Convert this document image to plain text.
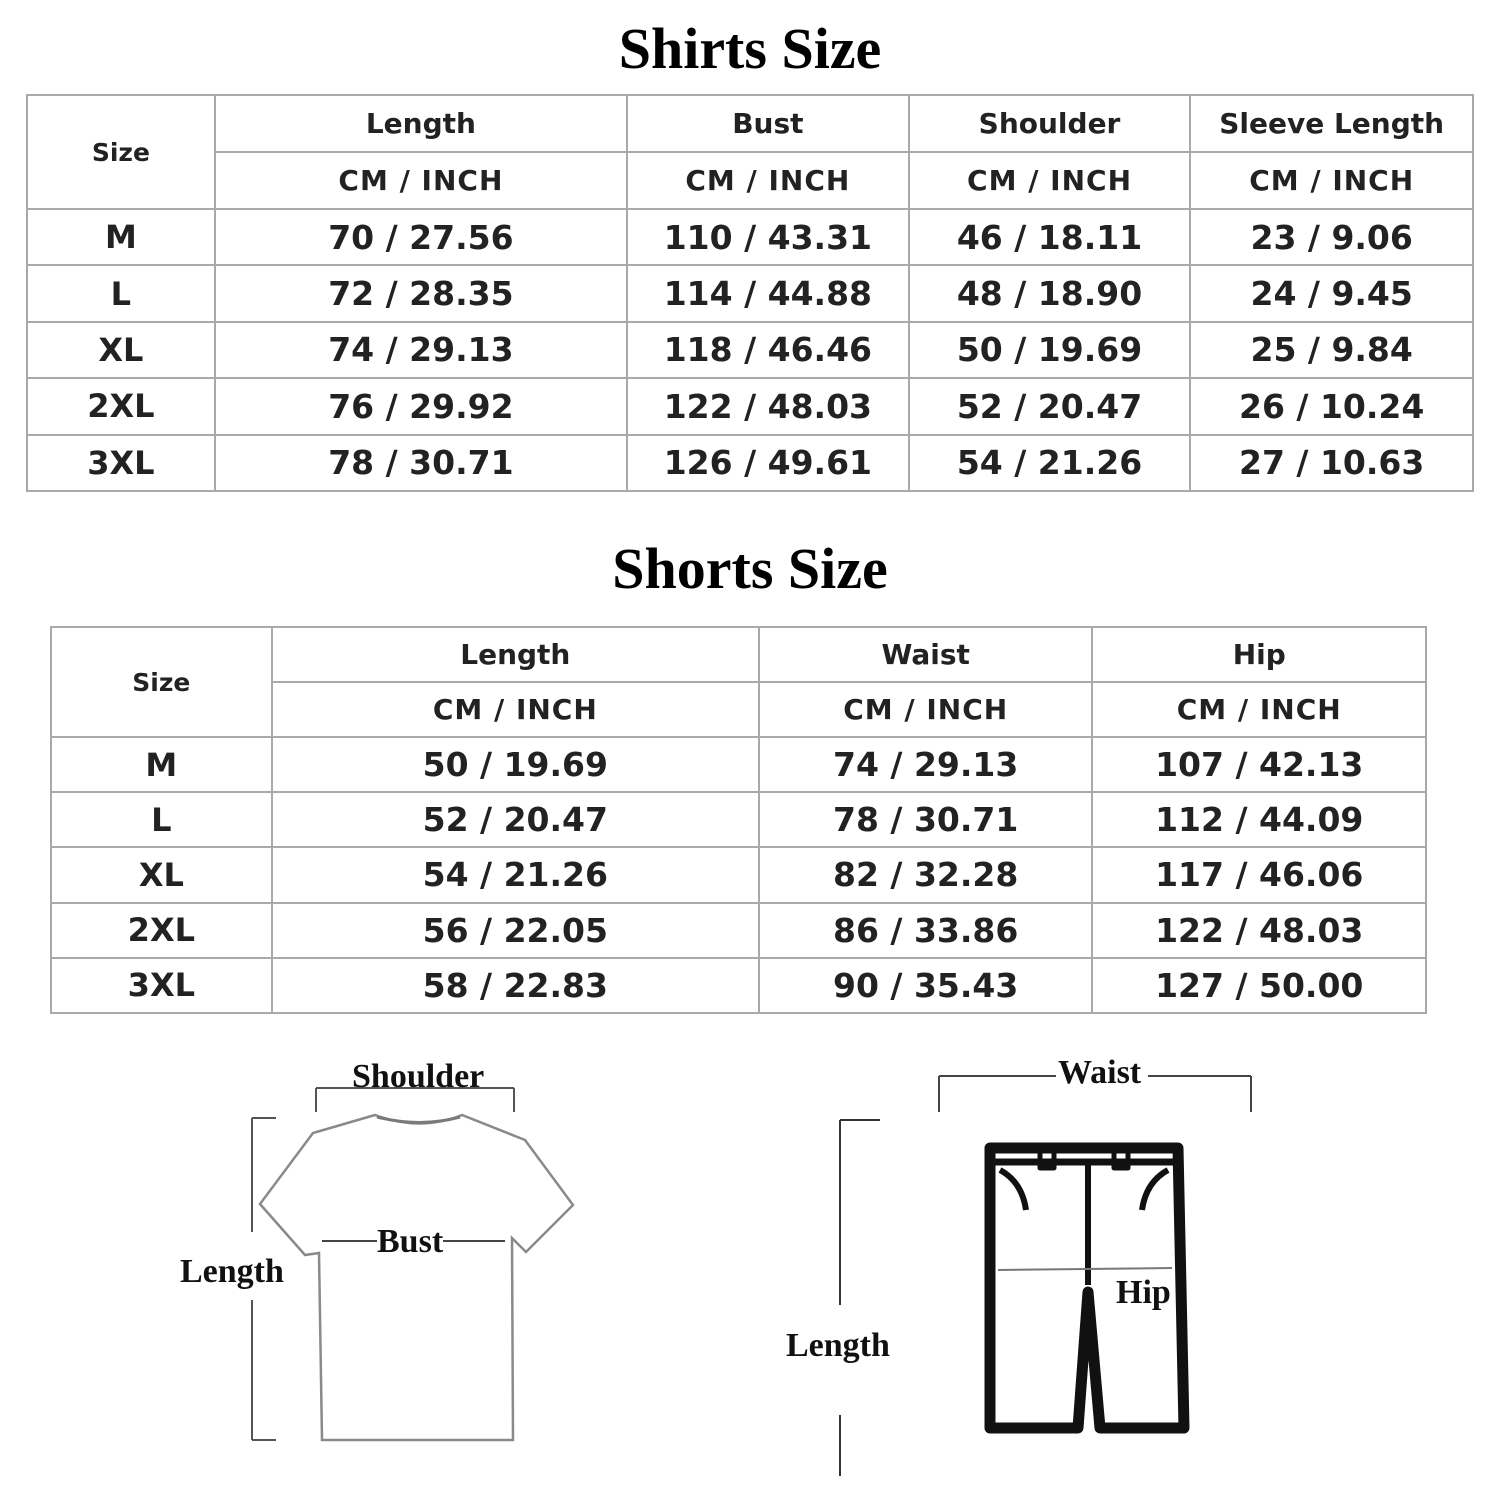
Shirts Size
Size	Length	Bust	Shoulder	Sleeve Length
	CM / INCH	CM / INCH	CM / INCH	CM / INCH
M	70 / 27.56	110 / 43.31	46 / 18.11	23 / 9.06
L	72 / 28.35	114 / 44.88	48 / 18.90	24 / 9.45
XL	74 / 29.13	118 / 46.46	50 / 19.69	25 / 9.84
2XL	76 / 29.92	122 / 48.03	52 / 20.47	26 / 10.24
3XL	78 / 30.71	126 / 49.61	54 / 21.26	27 / 10.63
Shorts Size
Size	Length	Waist	Hip
	CM / INCH	CM / INCH	CM / INCH
M	50 / 19.69	74 / 29.13	107 / 42.13
L	52 / 20.47	78 / 30.71	112 / 44.09
XL	54 / 21.26	82 / 32.28	117 / 46.06
2XL	56 / 22.05	86 / 33.86	122 / 48.03
3XL	58 / 22.83	90 / 35.43	127 / 50.00
Shoulder
Bust
Length
Waist
Hip
Length
